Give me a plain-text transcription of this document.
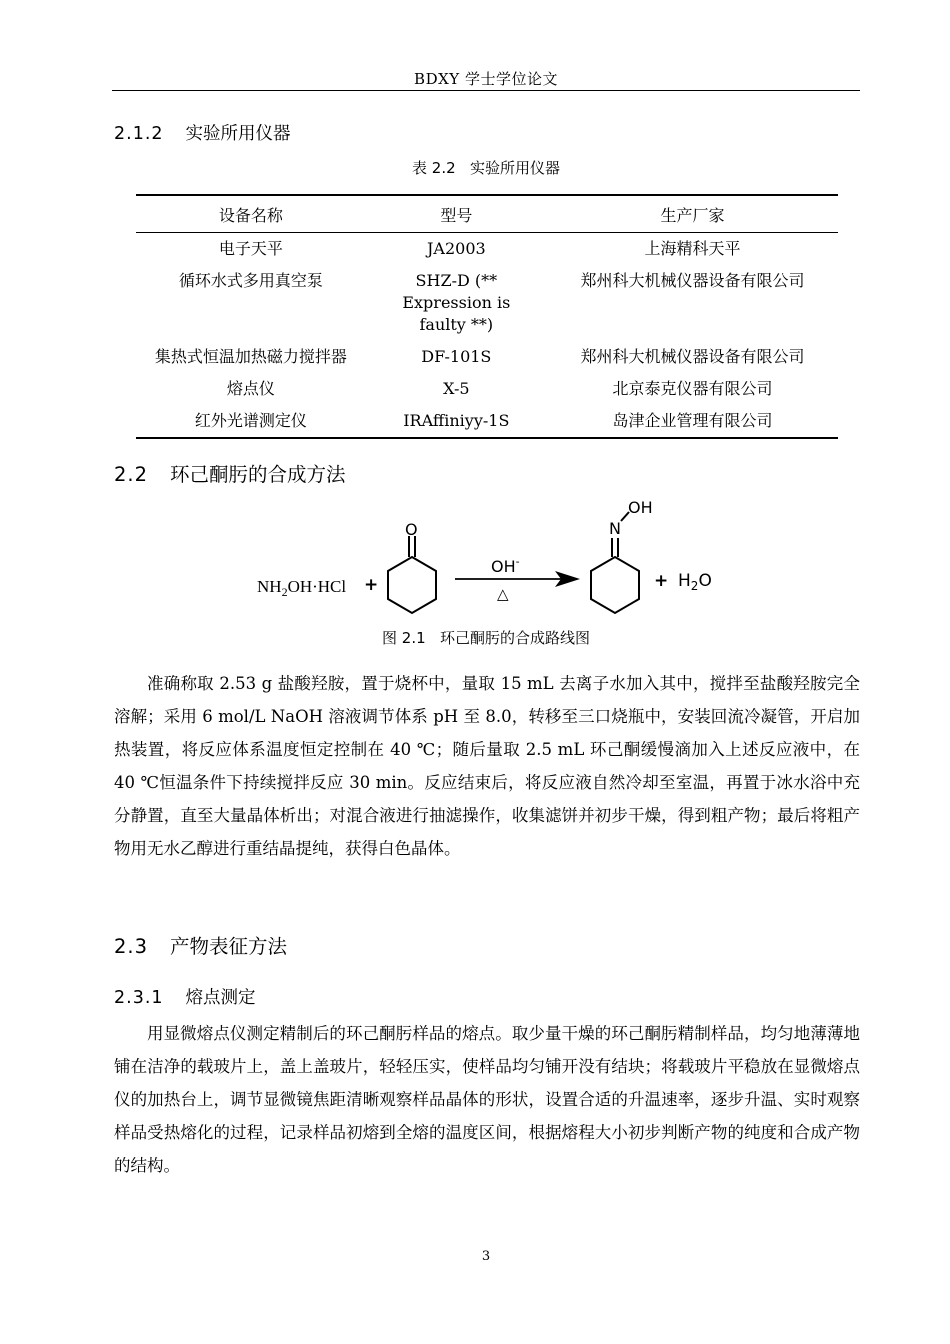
BDXY 学士学位论文
2.1.2 实验所用仪器
表 2.2 实验所用仪器
设备名称	型号	生产厂家
电子天平	JA2003	上海精科天平
循环水式多用真空泵	SHZ-D (** Expression is faulty **)	郑州科大机械仪器设备有限公司
集热式恒温加热磁力搅拌器	DF-101S	郑州科大机械仪器设备有限公司
熔点仪	X-5	北京泰克仪器有限公司
红外光谱测定仪	IRAffiniyy-1S	岛津企业管理有限公司
2.2 环己酮肟的合成方法
$NH_2OH\cdot HCl$ +
O
OH-
△
N
OH
+ $H_2O$
图 2.1 环己酮肟的合成路线图

准确称取 2.53 g 盐酸羟胺，置于烧杯中，量取 15 mL 去离子水加入其中，搅拌至盐酸羟胺完全溶解；采用 6 mol/L NaOH 溶液调节体系 pH 至 8.0，转移至三口烧瓶中，安装回流冷凝管，开启加热装置，将反应体系温度恒定控制在 40 ℃；随后量取 2.5 mL 环己酮缓慢滴加入上述反应液中，在 40 ℃恒温条件下持续搅拌反应 30 min。反应结束后，将反应液自然冷却至室温，再置于冰水浴中充分静置，直至大量晶体析出；对混合液进行抽滤操作，收集滤饼并初步干燥，得到粗产物；最后将粗产物用无水乙醇进行重结晶提纯，获得白色晶体。

2.3 产物表征方法
2.3.1 熔点测定

用显微熔点仪测定精制后的环己酮肟样品的熔点。取少量干燥的环己酮肟精制样品，均匀地薄薄地铺在洁净的载玻片上，盖上盖玻片，轻轻压实，使样品均匀铺开没有结块；将载玻片平稳放在显微熔点仪的加热台上，调节显微镜焦距清晰观察样品晶体的形状，设置合适的升温速率，逐步升温、实时观察样品受热熔化的过程，记录样品初熔到全熔的温度区间，根据熔程大小初步判断产物的纯度和合成产物的结构。

3
